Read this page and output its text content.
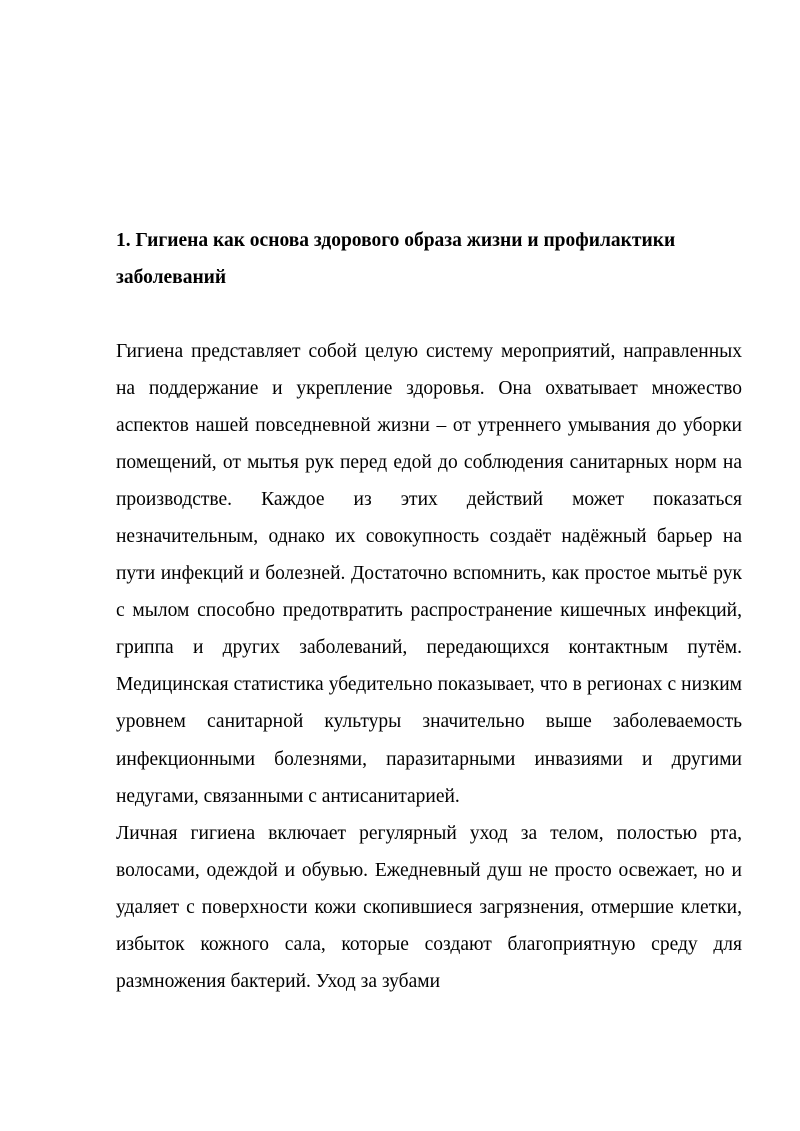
1. Гигиена как основа здорового образа жизни и профилактики заболеваний

Гигиена представляет собой целую систему мероприятий, направленных на поддержание и укрепление здоровья. Она охватывает множество аспектов нашей повседневной жизни – от утреннего умывания до уборки помещений, от мытья рук перед едой до соблюдения санитарных норм на производстве. Каждое из этих действий может показаться незначительным, однако их совокупность создаёт надёжный барьер на пути инфекций и болезней. Достаточно вспомнить, как простое мытьё рук с мылом способно предотвратить распространение кишечных инфекций, гриппа и других заболеваний, передающихся контактным путём. Медицинская статистика убедительно показывает, что в регионах с низким уровнем санитарной культуры значительно выше заболеваемость инфекционными болезнями, паразитарными инвазиями и другими недугами, связанными с антисанитарией.

Личная гигиена включает регулярный уход за телом, полостью рта, волосами, одеждой и обувью. Ежедневный душ не просто освежает, но и удаляет с поверхности кожи скопившиеся загрязнения, отмершие клетки, избыток кожного сала, которые создают благоприятную среду для размножения бактерий. Уход за зубами
